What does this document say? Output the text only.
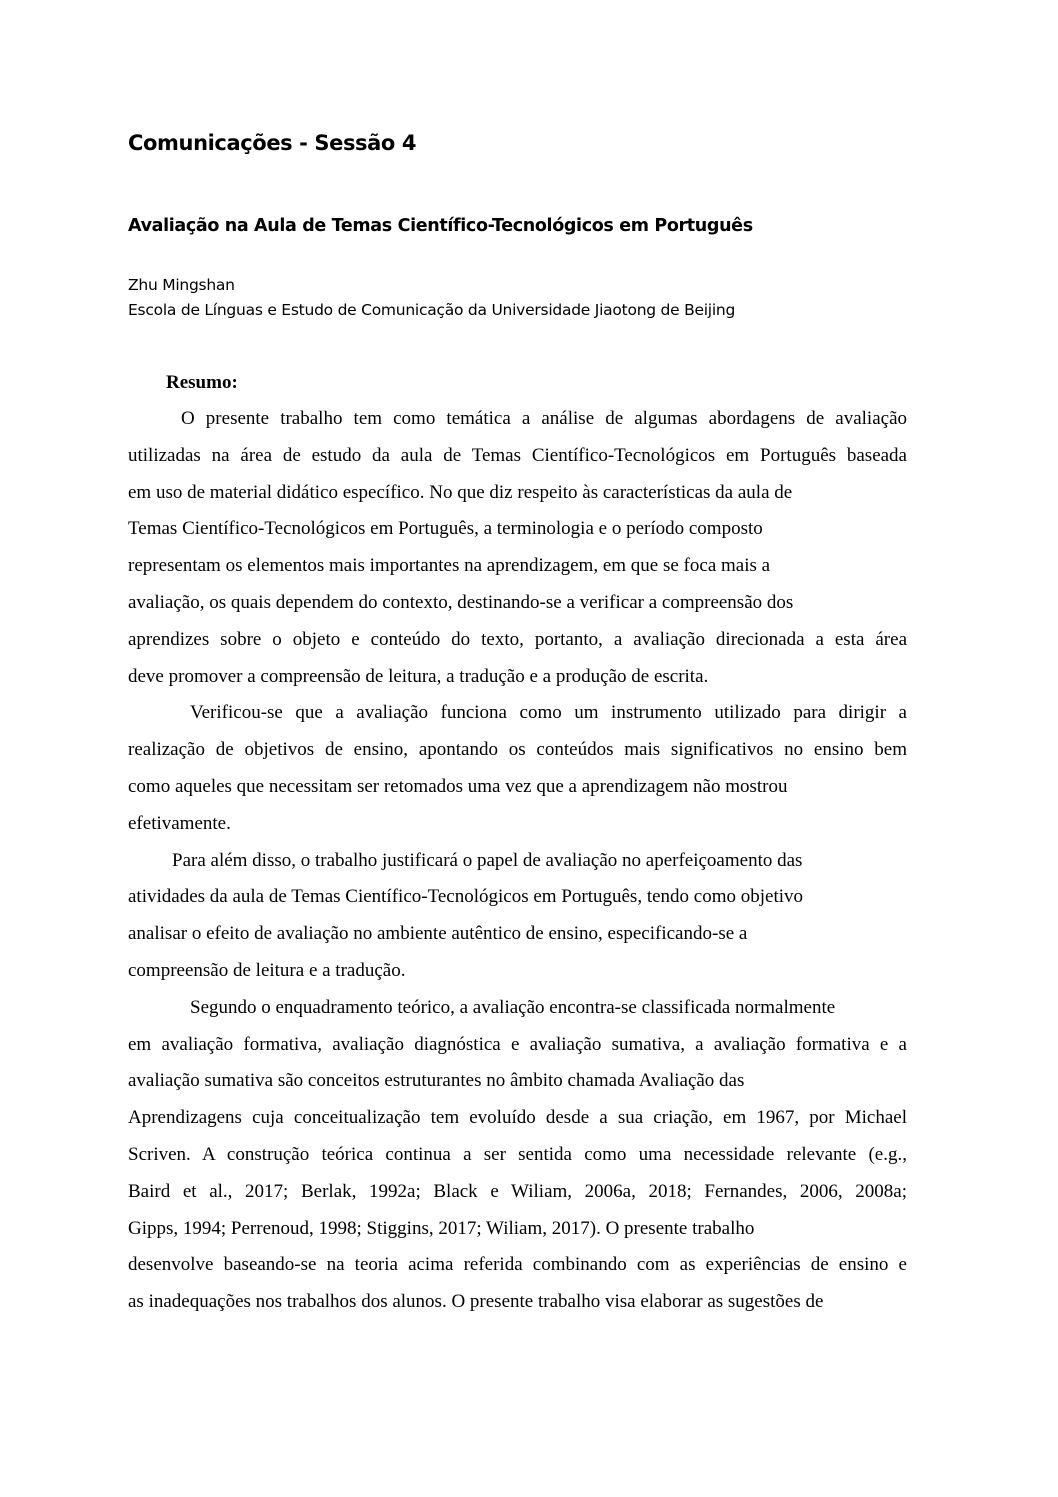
Comunicações - Sessão 4
Avaliação na Aula de Temas Científico-Tecnológicos em Português
Zhu Mingshan
Escola de Línguas e Estudo de Comunicação da Universidade Jiaotong de Beijing
Resumo:
O presente trabalho tem como temática a análise de algumas abordagens de avaliação
utilizadas na área de estudo da aula de Temas Científico-Tecnológicos em Português baseada
em uso de material didático específico. No que diz respeito às características da aula de
Temas Científico-Tecnológicos em Português, a terminologia e o período composto
representam os elementos mais importantes na aprendizagem, em que se foca mais a
avaliação, os quais dependem do contexto, destinando-se a verificar a compreensão dos
aprendizes sobre o objeto e conteúdo do texto, portanto, a avaliação direcionada a esta área
deve promover a compreensão de leitura, a tradução e a produção de escrita.
Verificou-se que a avaliação funciona como um instrumento utilizado para dirigir a
realização de objetivos de ensino, apontando os conteúdos mais significativos no ensino bem
como aqueles que necessitam ser retomados uma vez que a aprendizagem não mostrou
efetivamente.
Para além disso, o trabalho justificará o papel de avaliação no aperfeiçoamento das
atividades da aula de Temas Científico-Tecnológicos em Português, tendo como objetivo
analisar o efeito de avaliação no ambiente autêntico de ensino, especificando-se a
compreensão de leitura e a tradução.
Segundo o enquadramento teórico, a avaliação encontra-se classificada normalmente
em avaliação formativa, avaliação diagnóstica e avaliação sumativa, a avaliação formativa e a
avaliação sumativa são conceitos estruturantes no âmbito chamada Avaliação das
Aprendizagens cuja conceitualização tem evoluído desde a sua criação, em 1967, por Michael
Scriven. A construção teórica continua a ser sentida como uma necessidade relevante (e.g.,
Baird et al., 2017; Berlak, 1992a; Black e Wiliam, 2006a, 2018; Fernandes, 2006, 2008a;
Gipps, 1994; Perrenoud, 1998; Stiggins, 2017; Wiliam, 2017). O presente trabalho
desenvolve baseando-se na teoria acima referida combinando com as experiências de ensino e
as inadequações nos trabalhos dos alunos. O presente trabalho visa elaborar as sugestões de
